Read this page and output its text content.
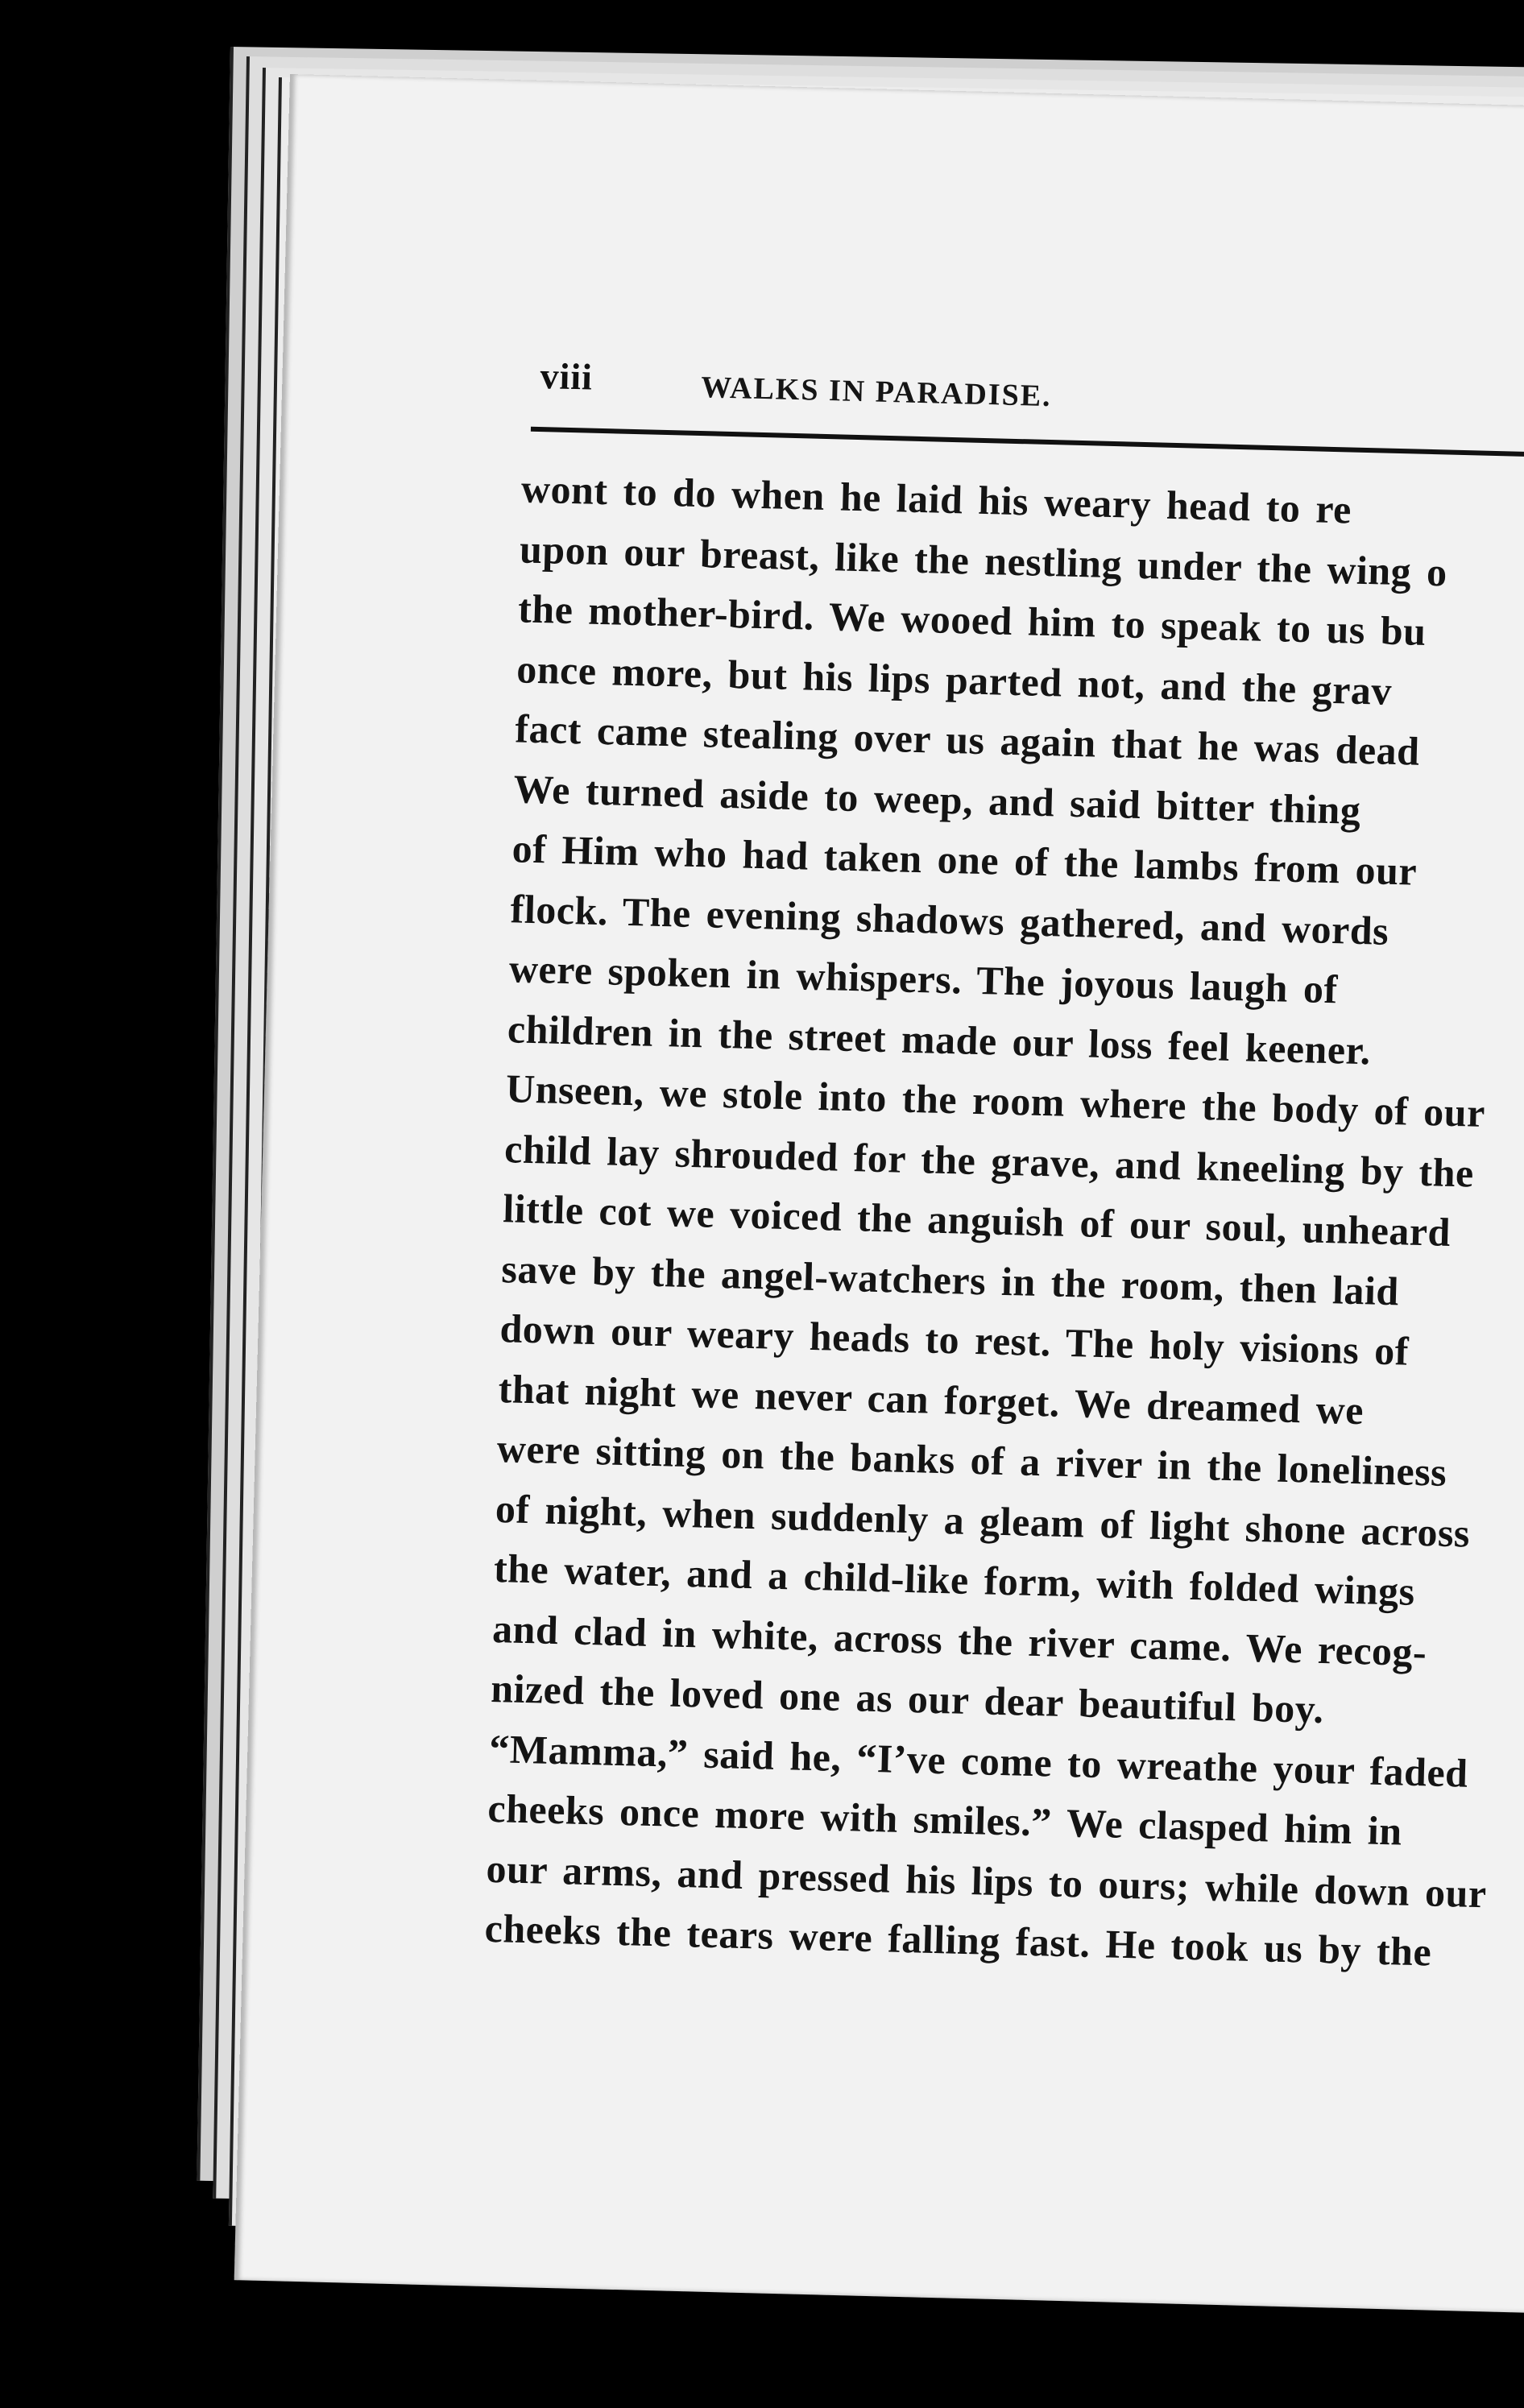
viii	WALKS IN PARADISE.
wont to do when he laid his weary head to re
upon our breast, like the nestling under the wing o
the mother-bird. We wooed him to speak to us bu
once more, but his lips parted not, and the grav
fact came stealing over us again that he was dead
We turned aside to weep, and said bitter thing
of Him who had taken one of the lambs from our
flock. The evening shadows gathered, and words
were spoken in whispers. The joyous laugh of
children in the street made our loss feel keener.
Unseen, we stole into the room where the body of our
child lay shrouded for the grave, and kneeling by the
little cot we voiced the anguish of our soul, unheard
save by the angel-watchers in the room, then laid
down our weary heads to rest. The holy visions of
that night we never can forget. We dreamed we
were sitting on the banks of a river in the loneliness
of night, when suddenly a gleam of light shone across
the water, and a child-like form, with folded wings
and clad in white, across the river came. We recog-
nized the loved one as our dear beautiful boy.
“Mamma,” said he, “I’ve come to wreathe your faded
cheeks once more with smiles.” We clasped him in
our arms, and pressed his lips to ours; while down our
cheeks the tears were falling fast. He took us by the
